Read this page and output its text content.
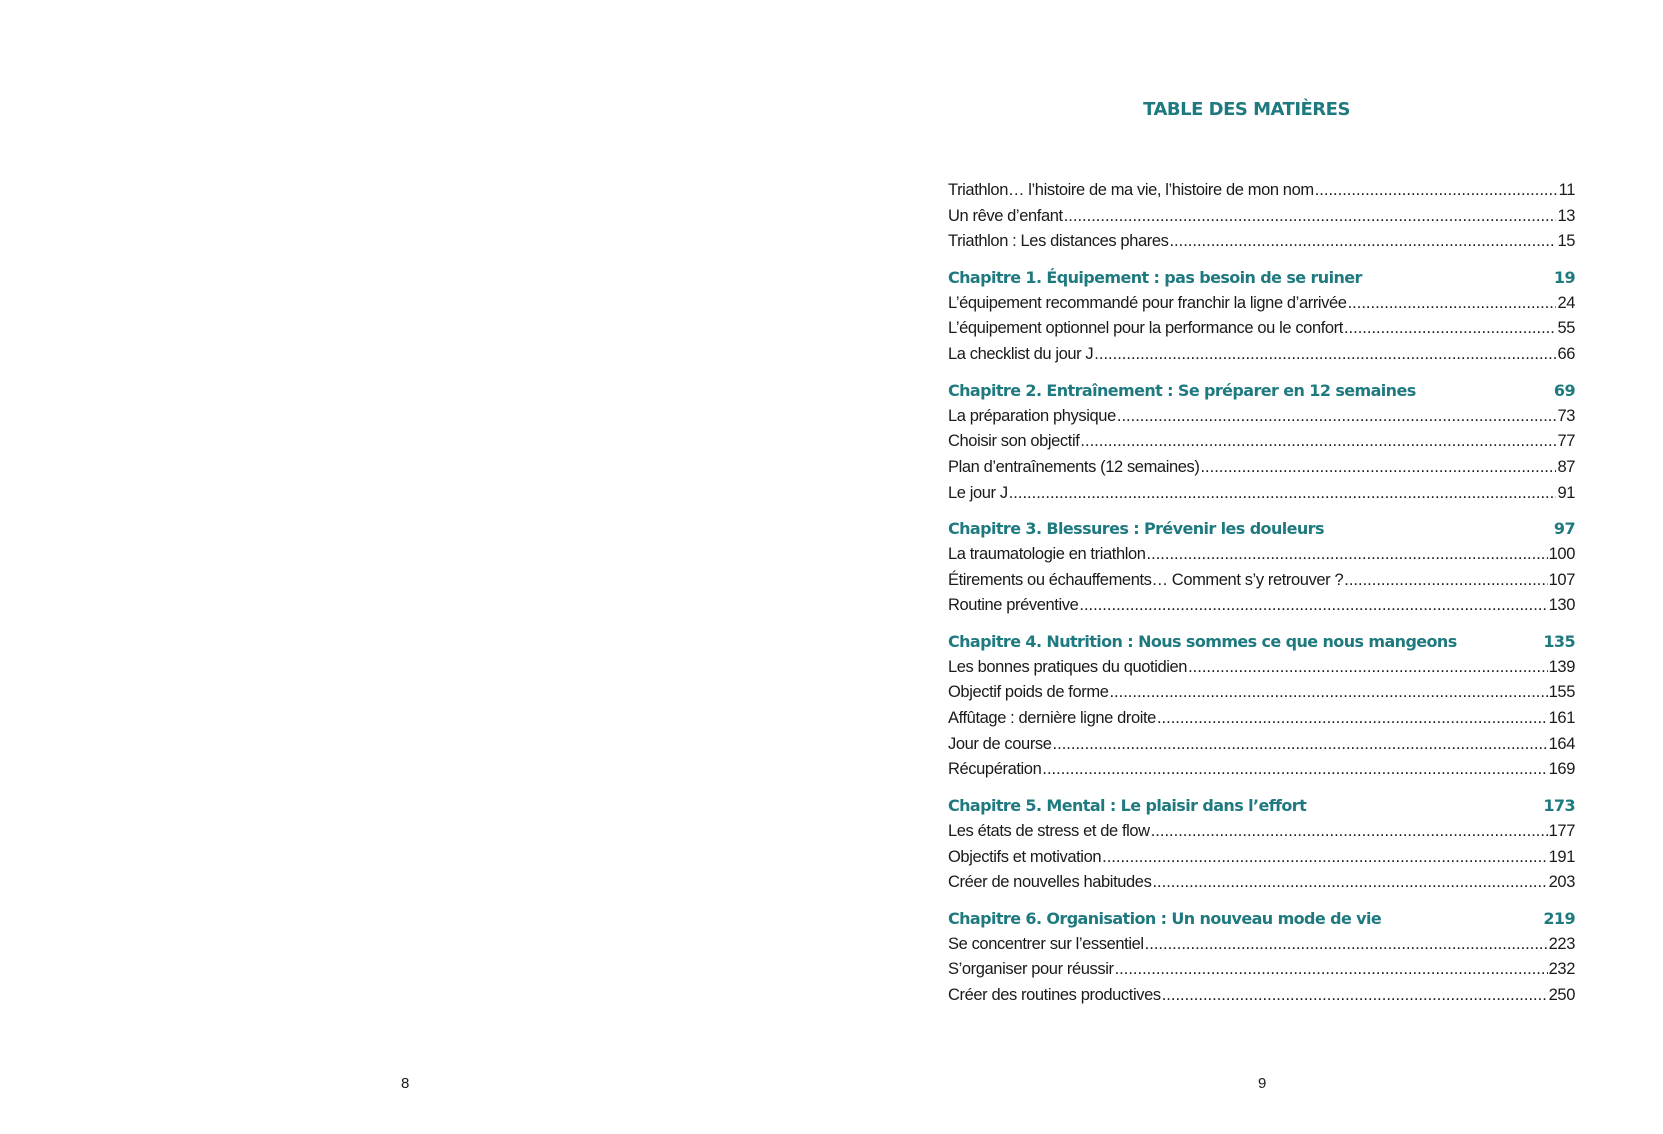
8
TABLE DES MATIÈRES
Triathlon… l’histoire de ma vie, l’histoire de mon nom .....	11
Un rêve d’enfant .....	13
Triathlon : Les distances phares .....	15
Chapitre 1. Équipement : pas besoin de se ruiner	19
L’équipement recommandé pour franchir la ligne d’arrivée .....	24
L’équipement optionnel pour la performance ou le confort .....	55
La checklist du jour J .....	66
Chapitre 2. Entraînement : Se préparer en 12 semaines	69
La préparation physique .....	73
Choisir son objectif .....	77
Plan d’entraînements (12 semaines) .....	87
Le jour J .....	91
Chapitre 3. Blessures : Prévenir les douleurs	97
La traumatologie en triathlon .....	100
Étirements ou échauffements… Comment s’y retrouver ? .....	107
Routine préventive .....	130
Chapitre 4. Nutrition : Nous sommes ce que nous mangeons	135
Les bonnes pratiques du quotidien .....	139
Objectif poids de forme .....	155
Affûtage : dernière ligne droite .....	161
Jour de course .....	164
Récupération .....	169
Chapitre 5. Mental : Le plaisir dans l’effort	173
Les états de stress et de flow .....	177
Objectifs et motivation .....	191
Créer de nouvelles habitudes .....	203
Chapitre 6. Organisation : Un nouveau mode de vie	219
Se concentrer sur l’essentiel .....	223
S’organiser pour réussir .....	232
Créer des routines productives .....	250
9
